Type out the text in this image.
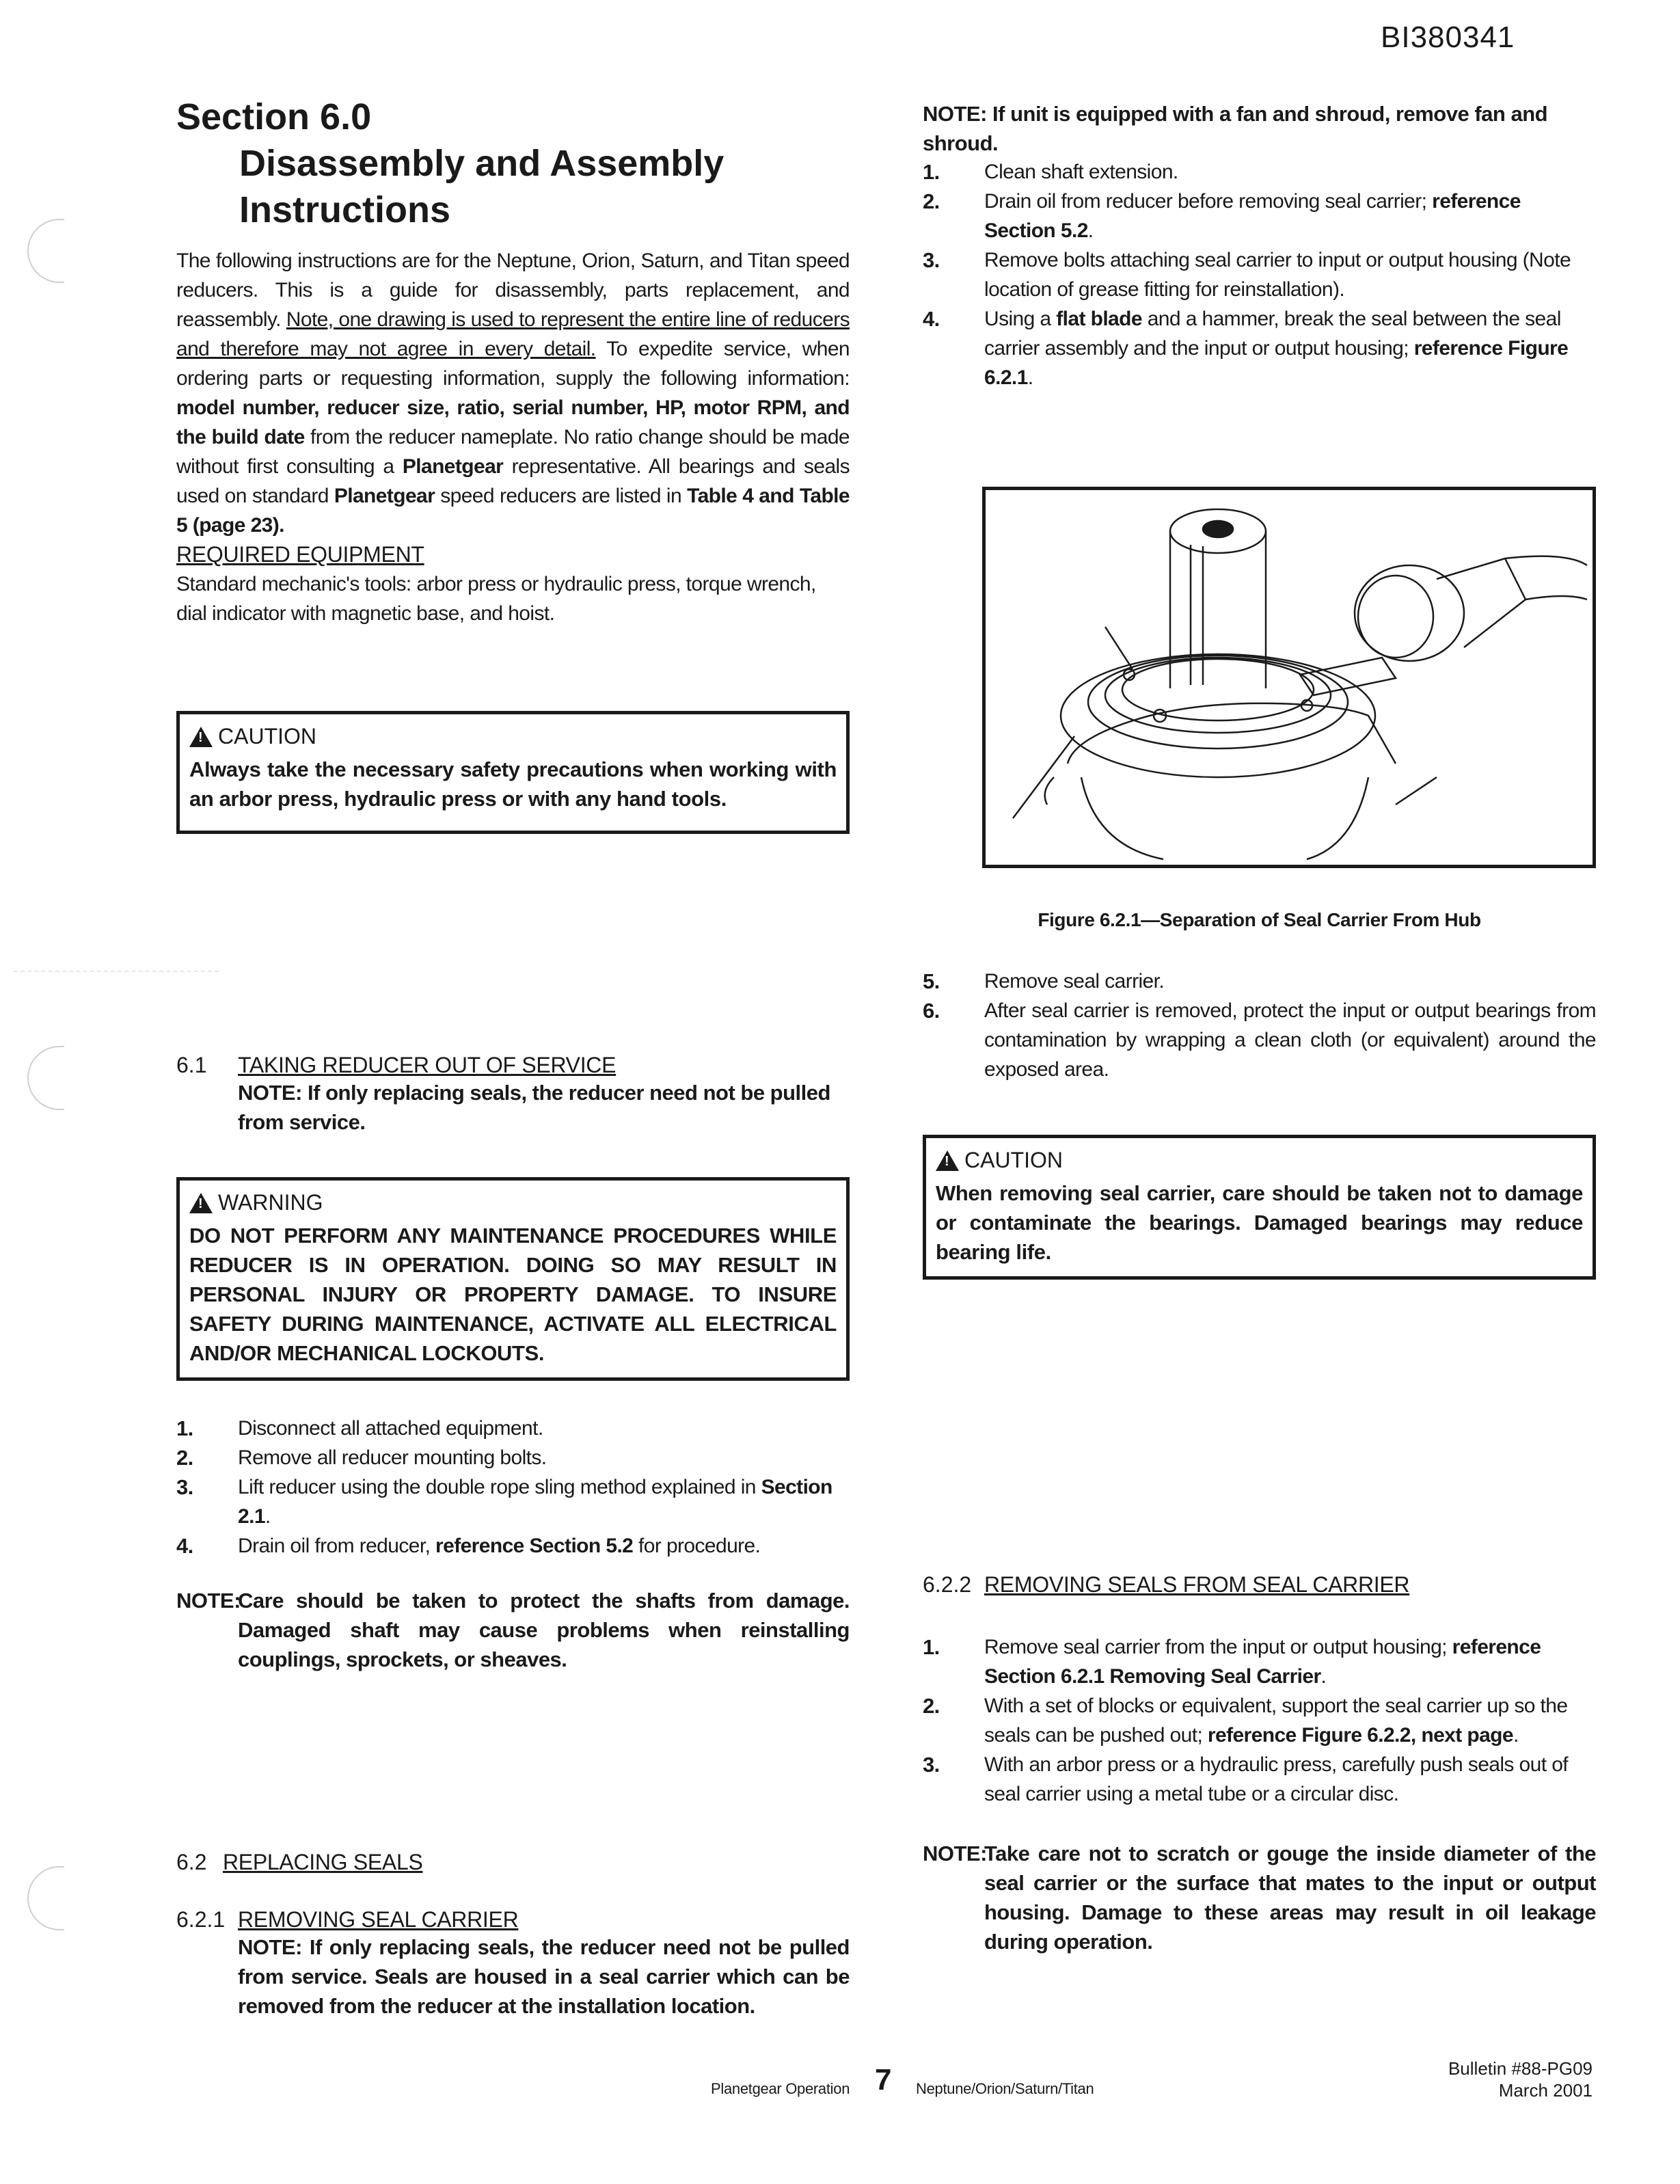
BI380341
Section 6.0
Disassembly and Assembly
Instructions
The following instructions are for the Neptune, Orion, Saturn, and Titan speed reducers. This is a guide for disassembly, parts replacement, and reassembly. Note, one drawing is used to represent the entire line of reducers and therefore may not agree in every detail. To expedite service, when ordering parts or requesting information, supply the following information: model number, reducer size, ratio, serial number, HP, motor RPM, and the build date from the reducer nameplate. No ratio change should be made without first consulting a Planetgear representative. All bearings and seals used on standard Planetgear speed reducers are listed in Table 4 and Table 5 (page 23).
REQUIRED EQUIPMENT
Standard mechanic's tools: arbor press or hydraulic press, torque wrench, dial indicator with magnetic base, and hoist.
!
CAUTION
Always take the necessary safety precautions when working with an arbor press, hydraulic press or with any hand tools.
6.1	TAKING REDUCER OUT OF SERVICE
NOTE: If only replacing seals, the reducer need not be pulled from service.
!
WARNING
DO NOT PERFORM ANY MAINTENANCE PROCEDURES WHILE REDUCER IS IN OPERATION. DOING SO MAY RESULT IN PERSONAL INJURY OR PROPERTY DAMAGE. TO INSURE SAFETY DURING MAINTENANCE, ACTIVATE ALL ELECTRICAL AND/OR MECHANICAL LOCKOUTS.
1.	Disconnect all attached equipment.
2.	Remove all reducer mounting bolts.
3.	Lift reducer using the double rope sling method explained in Section 2.1.
4.	Drain oil from reducer, reference Section 5.2 for procedure.
NOTE:
Care should be taken to protect the shafts from damage. Damaged shaft may cause problems when reinstalling couplings, sprockets, or sheaves.
6.2 REPLACING SEALS
6.2.1 REMOVING SEAL CARRIER
NOTE: If only replacing seals, the reducer need not be pulled from service. Seals are housed in a seal carrier which can be removed from the reducer at the installation location.
NOTE: If unit is equipped with a fan and shroud, remove fan and shroud.
1.	Clean shaft extension.
2.	Drain oil from reducer before removing seal carrier; reference Section 5.2.
3.	Remove bolts attaching seal carrier to input or output housing (Note location of grease fitting for reinstallation).
4.	Using a flat blade and a hammer, break the seal between the seal carrier assembly and the input or output housing; reference Figure 6.2.1.
Figure 6.2.1—Separation of Seal Carrier From Hub
5.	Remove seal carrier.
6.	After seal carrier is removed, protect the input or output bearings from contamination by wrapping a clean cloth (or equivalent) around the exposed area.
!
CAUTION
When removing seal carrier, care should be taken not to damage or contaminate the bearings. Damaged bearings may reduce bearing life.
6.2.2 REMOVING SEALS FROM SEAL CARRIER
1.	Remove seal carrier from the input or output housing; reference Section 6.2.1 Removing Seal Carrier.
2.	With a set of blocks or equivalent, support the seal carrier up so the seals can be pushed out; reference Figure 6.2.2, next page.
3.	With an arbor press or a hydraulic press, carefully push seals out of seal carrier using a metal tube or a circular disc.
NOTE:
Take care not to scratch or gouge the inside diameter of the seal carrier or the surface that mates to the input or output housing. Damage to these areas may result in oil leakage during operation.
Planetgear Operation 7 Neptune/Orion/Saturn/Titan
Bulletin #88-PG09
March 2001
